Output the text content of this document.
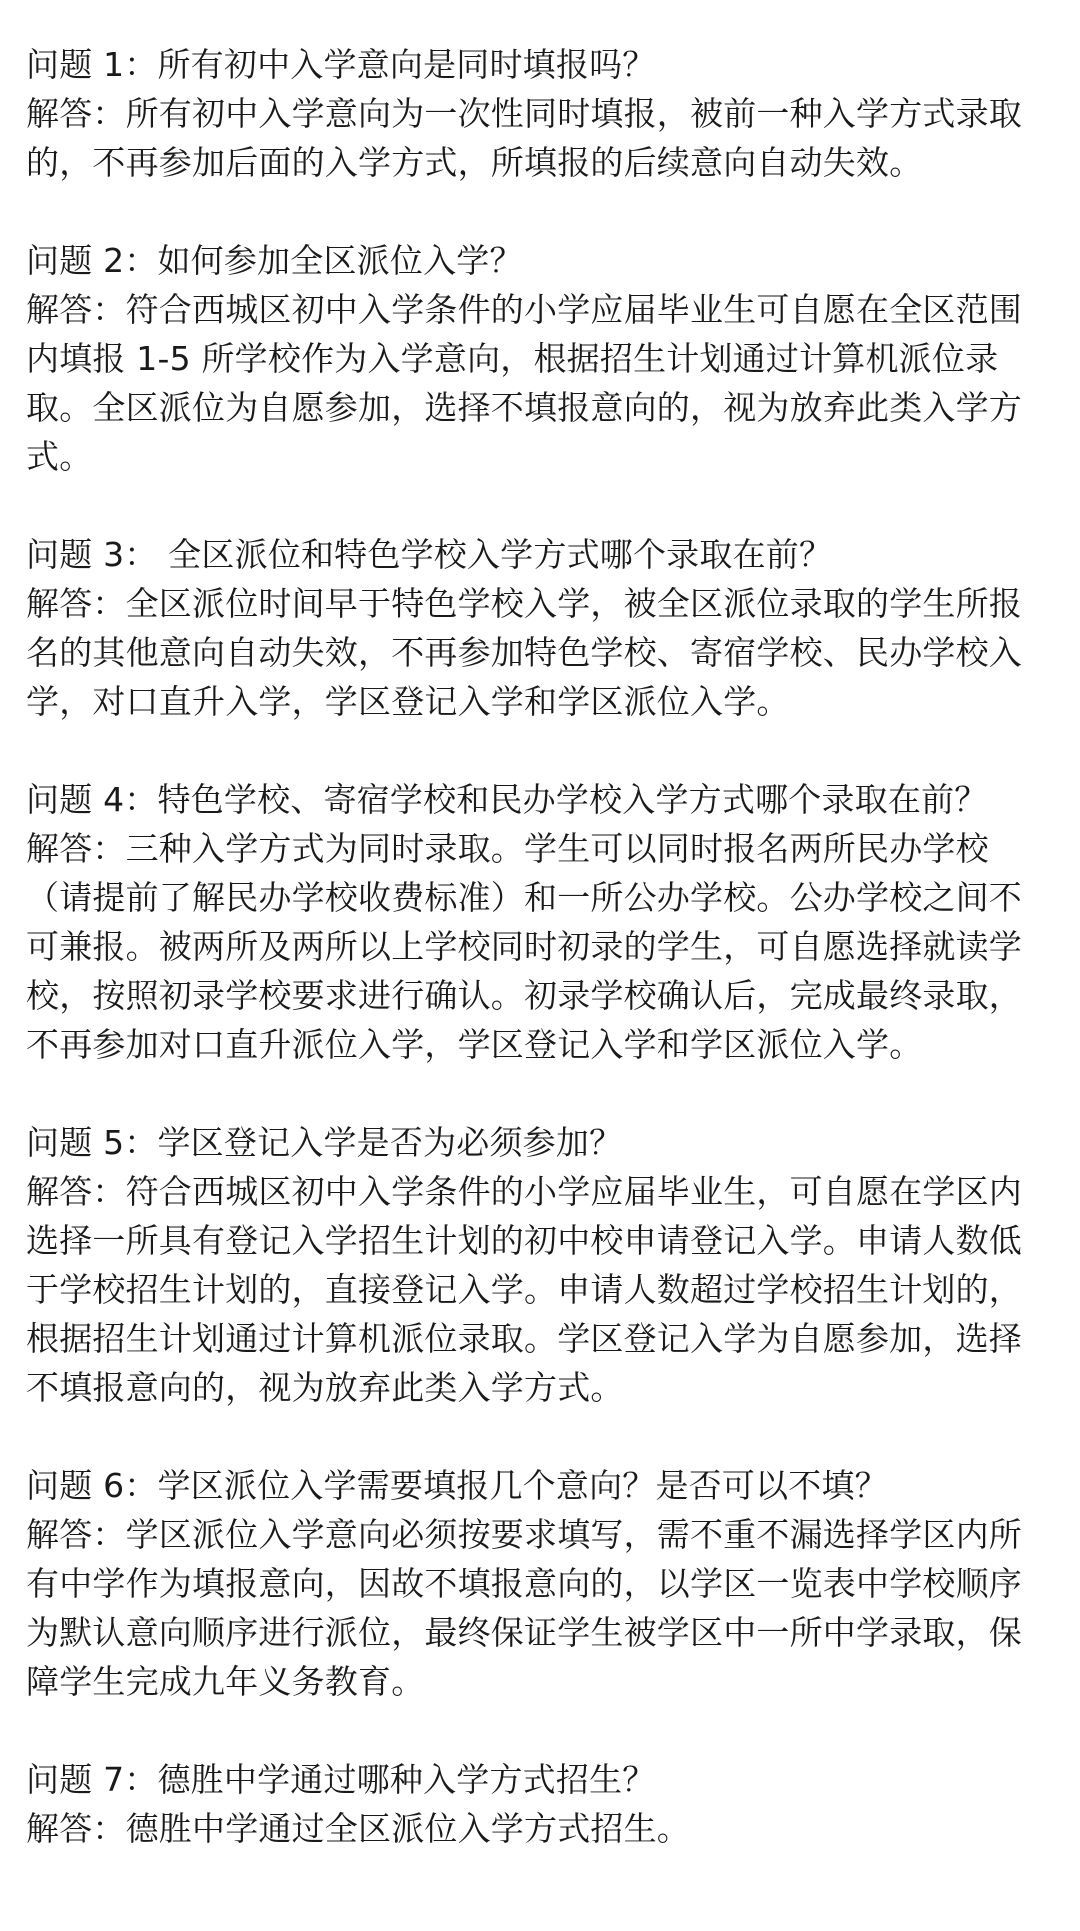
问题 1：所有初中入学意向是同时填报吗？

解答：所有初中入学意向为一次性同时填报，被前一种入学方式录取

的，不再参加后面的入学方式，所填报的后续意向自动失效。

问题 2：如何参加全区派位入学？

解答：符合西城区初中入学条件的小学应届毕业生可自愿在全区范围

内填报 1-5 所学校作为入学意向，根据招生计划通过计算机派位录

取。全区派位为自愿参加，选择不填报意向的，视为放弃此类入学方

式。

问题 3： 全区派位和特色学校入学方式哪个录取在前？

解答：全区派位时间早于特色学校入学，被全区派位录取的学生所报

名的其他意向自动失效，不再参加特色学校、寄宿学校、民办学校入

学，对口直升入学，学区登记入学和学区派位入学。

问题 4：特色学校、寄宿学校和民办学校入学方式哪个录取在前？

解答：三种入学方式为同时录取。学生可以同时报名两所民办学校

（请提前了解民办学校收费标准）和一所公办学校。公办学校之间不

可兼报。被两所及两所以上学校同时初录的学生，可自愿选择就读学

校，按照初录学校要求进行确认。初录学校确认后，完成最终录取，

不再参加对口直升派位入学，学区登记入学和学区派位入学。

问题 5：学区登记入学是否为必须参加？

解答：符合西城区初中入学条件的小学应届毕业生，可自愿在学区内

选择一所具有登记入学招生计划的初中校申请登记入学。申请人数低

于学校招生计划的，直接登记入学。申请人数超过学校招生计划的，

根据招生计划通过计算机派位录取。学区登记入学为自愿参加，选择

不填报意向的，视为放弃此类入学方式。

问题 6：学区派位入学需要填报几个意向？是否可以不填？

解答：学区派位入学意向必须按要求填写，需不重不漏选择学区内所

有中学作为填报意向，因故不填报意向的，以学区一览表中学校顺序

为默认意向顺序进行派位，最终保证学生被学区中一所中学录取，保

障学生完成九年义务教育。

问题 7：德胜中学通过哪种入学方式招生？

解答：德胜中学通过全区派位入学方式招生。
